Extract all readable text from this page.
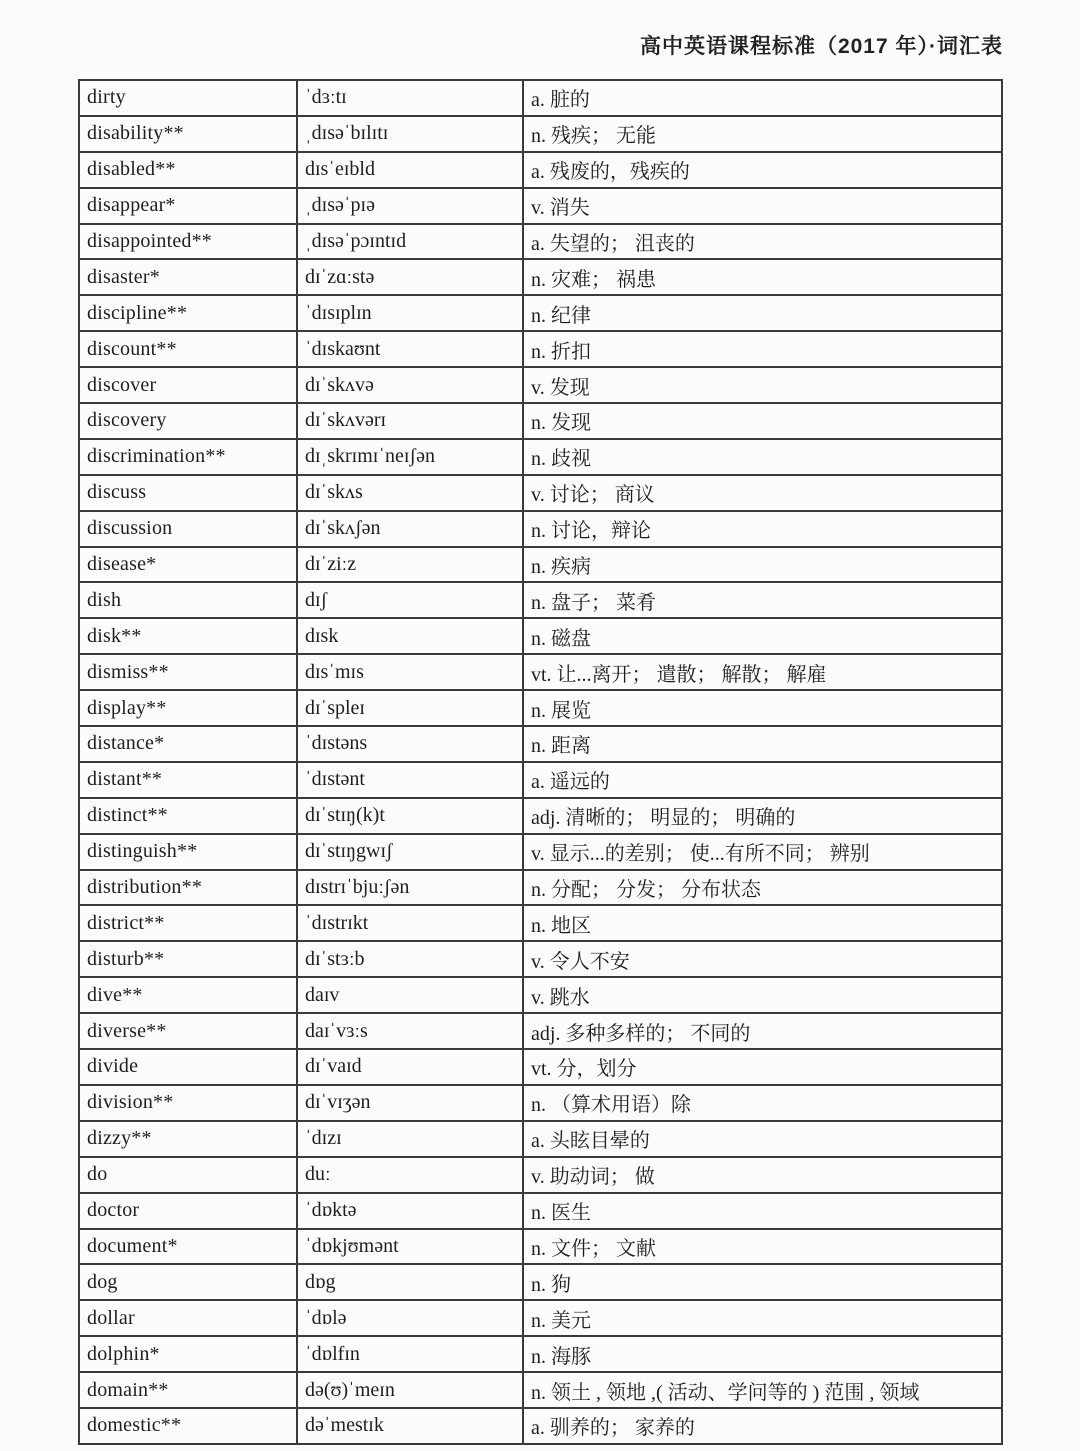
高中英语课程标准（2017 年）·词汇表
dirty	ˈdɜːtɪ	a. 脏的
disability**	ˌdɪsəˈbɪlɪtɪ	n. 残疾； 无能
disabled**	dɪsˈeɪbld	a. 残废的，残疾的
disappear*	ˌdɪsəˈpɪə	v. 消失
disappointed**	ˌdɪsəˈpɔɪntɪd	a. 失望的； 沮丧的
disaster*	dɪˈzɑːstə	n. 灾难； 祸患
discipline**	ˈdɪsɪplɪn	n. 纪律
discount**	ˈdɪskaʊnt	n. 折扣
discover	dɪˈskʌvə	v. 发现
discovery	dɪˈskʌvərɪ	n. 发现
discrimination**	dɪˌskrɪmɪˈneɪʃən	n. 歧视
discuss	dɪˈskʌs	v. 讨论； 商议
discussion	dɪˈskʌʃən	n. 讨论，辩论
disease*	dɪˈziːz	n. 疾病
dish	dɪʃ	n. 盘子； 菜肴
disk**	dɪsk	n. 磁盘
dismiss**	dɪsˈmɪs	vt. 让...离开； 遣散； 解散； 解雇
display**	dɪˈspleɪ	n. 展览
distance*	ˈdɪstəns	n. 距离
distant**	ˈdɪstənt	a. 遥远的
distinct**	dɪˈstɪŋ(k)t	adj. 清晰的； 明显的； 明确的
distinguish**	dɪˈstɪŋgwɪʃ	v. 显示...的差别； 使...有所不同； 辨别
distribution**	dɪstrɪˈbjuːʃən	n. 分配； 分发； 分布状态
district**	ˈdɪstrɪkt	n. 地区
disturb**	dɪˈstɜːb	v. 令人不安
dive**	daɪv	v. 跳水
diverse**	daɪˈvɜːs	adj. 多种多样的； 不同的
divide	dɪˈvaɪd	vt. 分，划分
division**	dɪˈvɪʒən	n. （算术用语）除
dizzy**	ˈdɪzɪ	a. 头眩目晕的
do	duː	v. 助动词； 做
doctor	ˈdɒktə	n. 医生
document*	ˈdɒkjʊmənt	n. 文件； 文献
dog	dɒg	n. 狗
dollar	ˈdɒlə	n. 美元
dolphin*	ˈdɒlfɪn	n. 海豚
domain**	də(ʊ)ˈmeɪn	n. 领土 , 领地 ,( 活动、学问等的 ) 范围 , 领域
domestic**	dəˈmestɪk	a. 驯养的； 家养的
